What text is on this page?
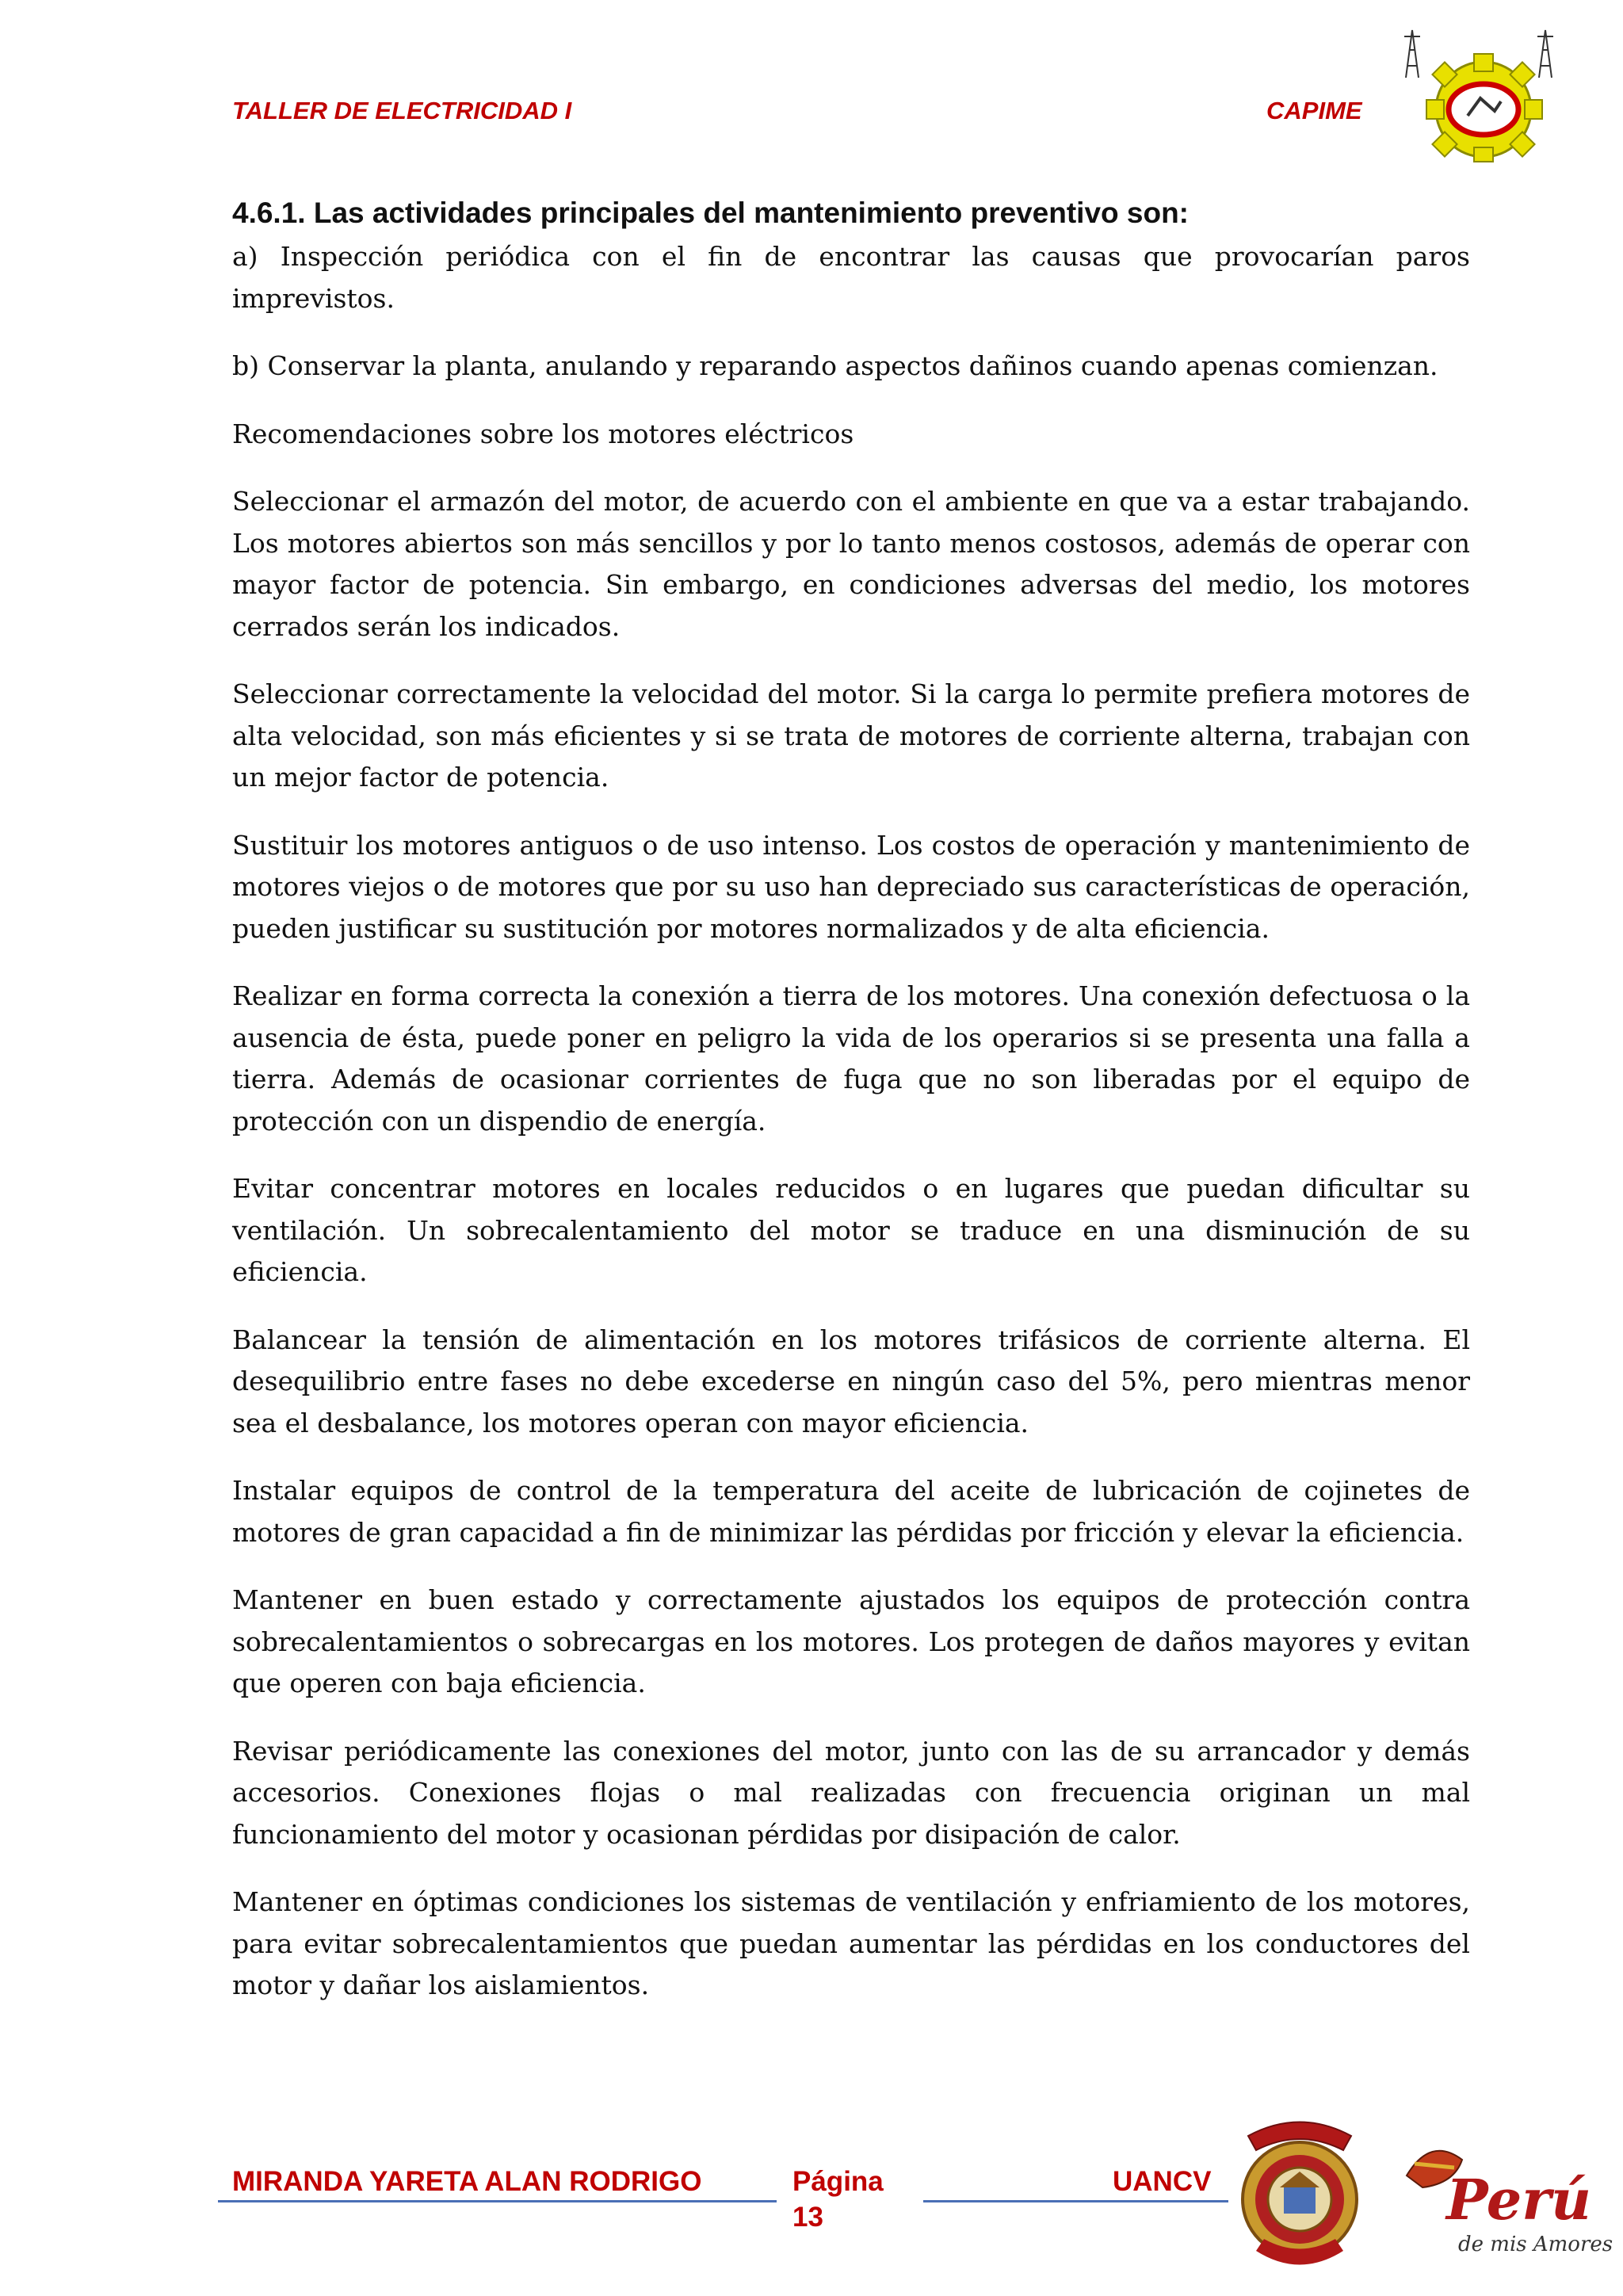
TALLER DE ELECTRICIDAD I	CAPIME
4.6.1. Las actividades principales del mantenimiento preventivo son:

a) Inspección periódica con el fin de encontrar las causas que provocarían paros imprevistos.

b) Conservar la planta, anulando y reparando aspectos dañinos cuando apenas comienzan.

Recomendaciones sobre los motores eléctricos

Seleccionar el armazón del motor, de acuerdo con el ambiente en que va a estar trabajando. Los motores abiertos son más sencillos y por lo tanto menos costosos, además de operar con mayor factor de potencia. Sin embargo, en condiciones adversas del medio, los motores cerrados serán los indicados.

Seleccionar correctamente la velocidad del motor. Si la carga lo permite prefiera motores de alta velocidad, son más eficientes y si se trata de motores de corriente alterna, trabajan con un mejor factor de potencia.

Sustituir los motores antiguos o de uso intenso. Los costos de operación y mantenimiento de motores viejos o de motores que por su uso han depreciado sus características de operación, pueden justificar su sustitución por motores normalizados y de alta eficiencia.

Realizar en forma correcta la conexión a tierra de los motores. Una conexión defectuosa o la ausencia de ésta, puede poner en peligro la vida de los operarios si se presenta una falla a tierra. Además de ocasionar corrientes de fuga que no son liberadas por el equipo de protección con un dispendio de energía.

Evitar concentrar motores en locales reducidos o en lugares que puedan dificultar su ventilación. Un sobrecalentamiento del motor se traduce en una disminución de su eficiencia.

Balancear la tensión de alimentación en los motores trifásicos de corriente alterna. El desequilibrio entre fases no debe excederse en ningún caso del 5%, pero mientras menor sea el desbalance, los motores operan con mayor eficiencia.

Instalar equipos de control de la temperatura del aceite de lubricación de cojinetes de motores de gran capacidad a fin de minimizar las pérdidas por fricción y elevar la eficiencia.

Mantener en buen estado y correctamente ajustados los equipos de protección contra sobrecalentamientos o sobrecargas en los motores. Los protegen de daños mayores y evitan que operen con baja eficiencia.

Revisar periódicamente las conexiones del motor, junto con las de su arrancador y demás accesorios. Conexiones flojas o mal realizadas con frecuencia originan un mal funcionamiento del motor y ocasionan pérdidas por disipación de calor.

Mantener en óptimas condiciones los sistemas de ventilación y enfriamiento de los motores, para evitar sobrecalentamientos que puedan aumentar las pérdidas en los conductores del motor y dañar los aislamientos.

MIRANDA YARETA ALAN RODRIGO	Página
13
UANCV	Perú
de mis Amores
